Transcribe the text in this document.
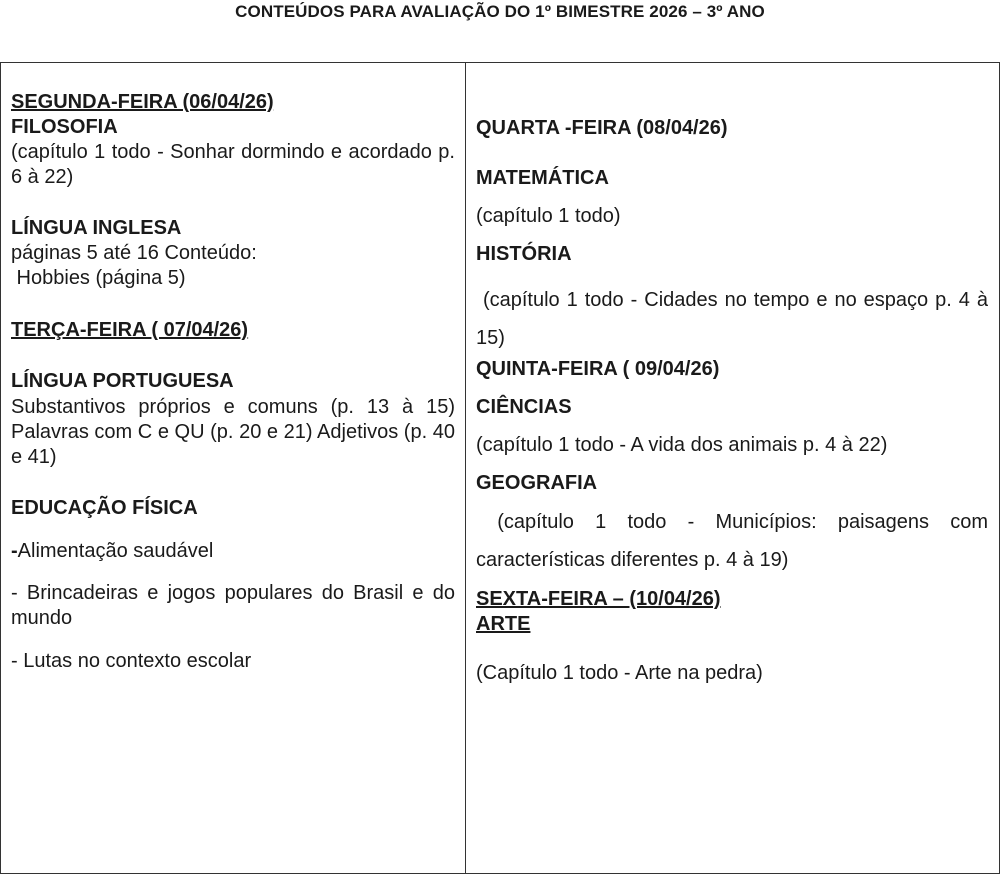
CONTEÚDOS PARA AVALIAÇÃO DO 1º BIMESTRE 2026 – 3º ANO
SEGUNDA-FEIRA (06/04/26)
FILOSOFIA
(capítulo 1 todo - Sonhar dormindo e acordado p. 6 à 22)
LÍNGUA INGLESA
páginas 5 até 16 Conteúdo:
Hobbies (página 5)
TERÇA-FEIRA ( 07/04/26)
LÍNGUA PORTUGUESA
Substantivos próprios e comuns (p. 13 à 15) Palavras com C e QU (p. 20 e 21) Adjetivos (p. 40 e 41)
EDUCAÇÃO FÍSICA
-Alimentação saudável
- Brincadeiras e jogos populares do Brasil e do mundo
- Lutas no contexto escolar
QUARTA -FEIRA (08/04/26)
MATEMÁTICA
(capítulo 1 todo)
HISTÓRIA
(capítulo 1 todo - Cidades no tempo e no espaço p. 4 à 15)
QUINTA-FEIRA ( 09/04/26)
CIÊNCIAS
(capítulo 1 todo - A vida dos animais p. 4 à 22)
GEOGRAFIA
(capítulo 1 todo - Municípios: paisagens com
características diferentes p. 4 à 19)
SEXTA-FEIRA – (10/04/26)
ARTE
(Capítulo 1 todo - Arte na pedra)
